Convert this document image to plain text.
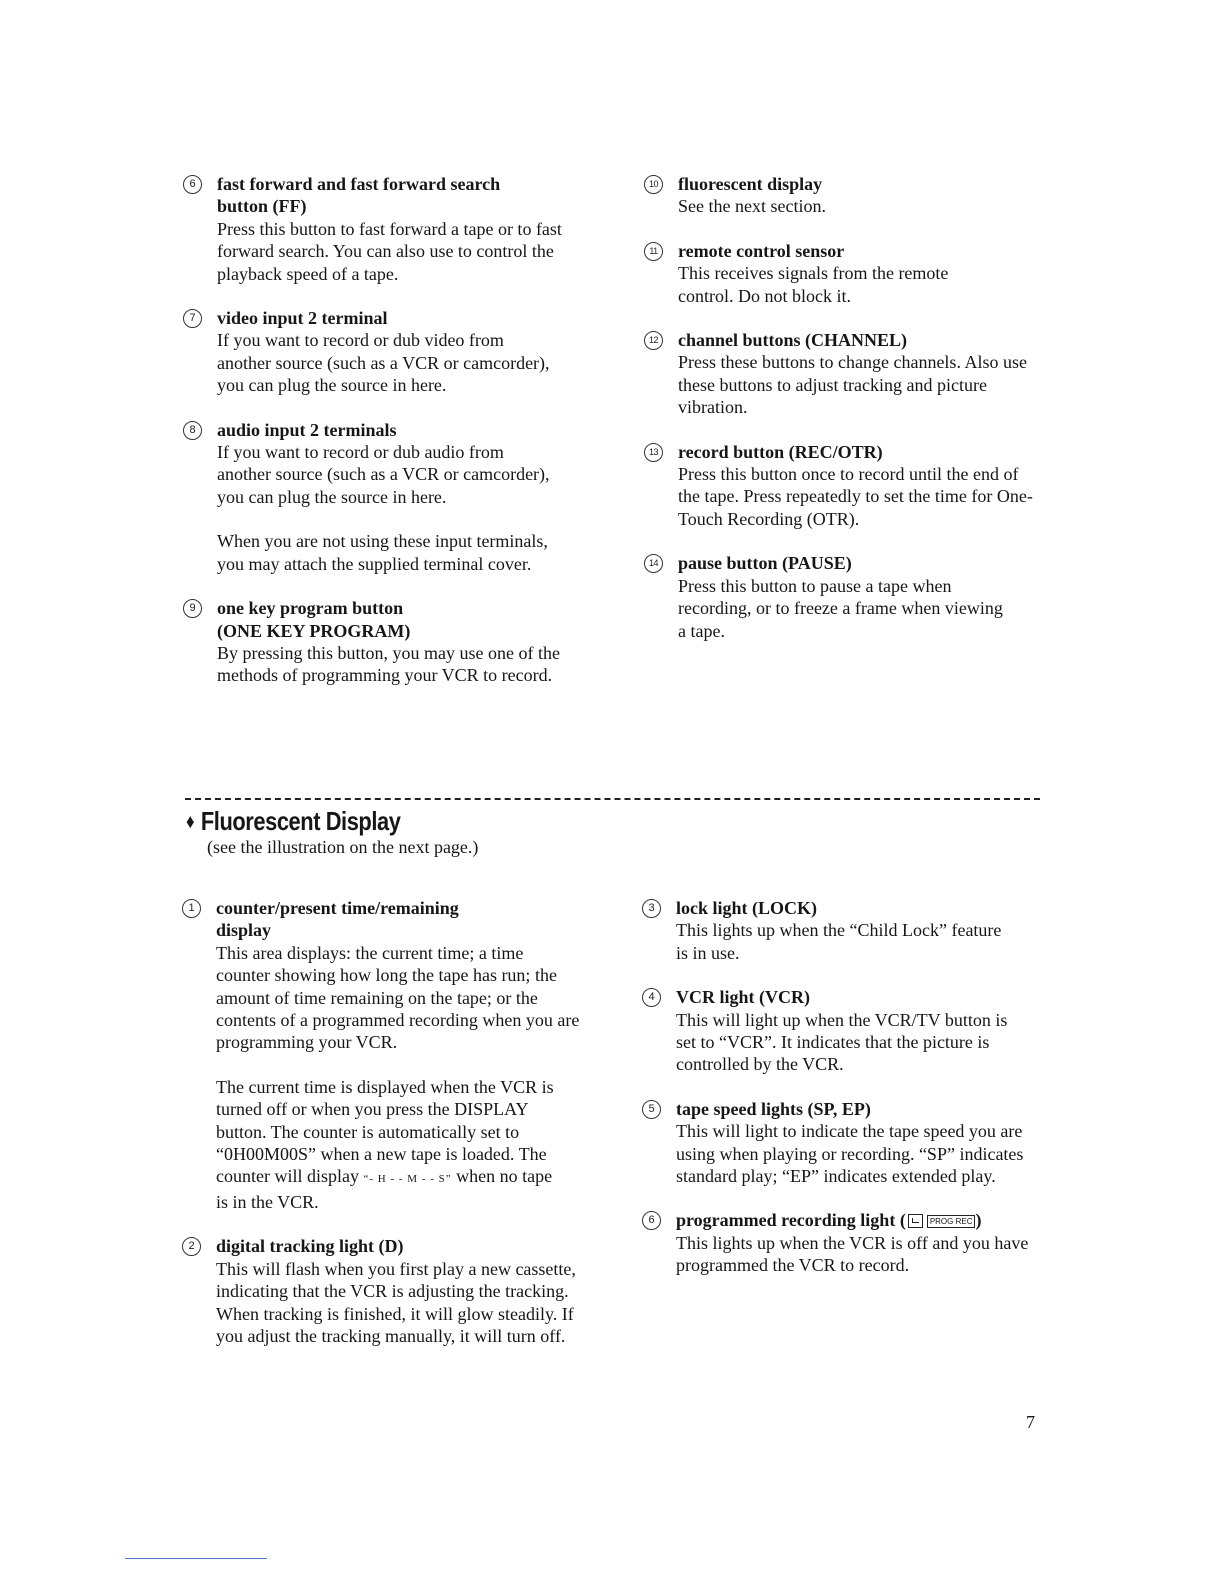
6	fast forward and fast forward search
button (FF)

Press this button to fast forward a tape or to fast forward search. You can also use to control the playback speed of a tape.

7	video input 2 terminal

If you want to record or dub video from another source (such as a VCR or camcorder), you can plug the source in here.

8	audio input 2 terminals

If you want to record or dub audio from another source (such as a VCR or camcorder), you can plug the source in here.

When you are not using these input terminals, you may attach the supplied terminal cover.

9	one key program button
(ONE KEY PROGRAM)

By pressing this button, you may use one of the methods of programming your VCR to record.

10 fluorescent display

See the next section.

11 remote control sensor

This receives signals from the remote control. Do not block it.

12 channel buttons (CHANNEL)

Press these buttons to change channels. Also use these buttons to adjust tracking and picture vibration.

13 record button (REC/OTR)

Press this button once to record until the end of the tape. Press repeatedly to set the time for One-Touch Recording (OTR).

14 pause button (PAUSE)

Press this button to pause a tape when recording, or to freeze a frame when viewing a tape.

♦ Fluorescent Display
(see the illustration on the next page.)
1	counter/present time/remaining
display

This area displays: the current time; a time counter showing how long the tape has run; the amount of time remaining on the tape; or the contents of a programmed recording when you are programming your VCR.

The current time is displayed when the VCR is turned off or when you press the DISPLAY button. The counter is automatically set to “0H00M00S” when a new tape is loaded. The counter will display “- H - - M - - S” when no tape is in the VCR.

2	digital tracking light (D)

This will flash when you first play a new cassette, indicating that the VCR is adjusting the tracking. When tracking is finished, it will glow steadily. If you adjust the tracking manually, it will turn off.

3	lock light (LOCK)

This lights up when the “Child Lock” feature is in use.

4	VCR light (VCR)

This will light up when the VCR/TV button is set to “VCR”. It indicates that the picture is controlled by the VCR.

5	tape speed lights (SP, EP)

This will light to indicate the tape speed you are using when playing or recording. “SP” indicates standard play; “EP” indicates extended play.

6	programmed recording light (	PROG REC )

This lights up when the VCR is off and you have programmed the VCR to record.

7
